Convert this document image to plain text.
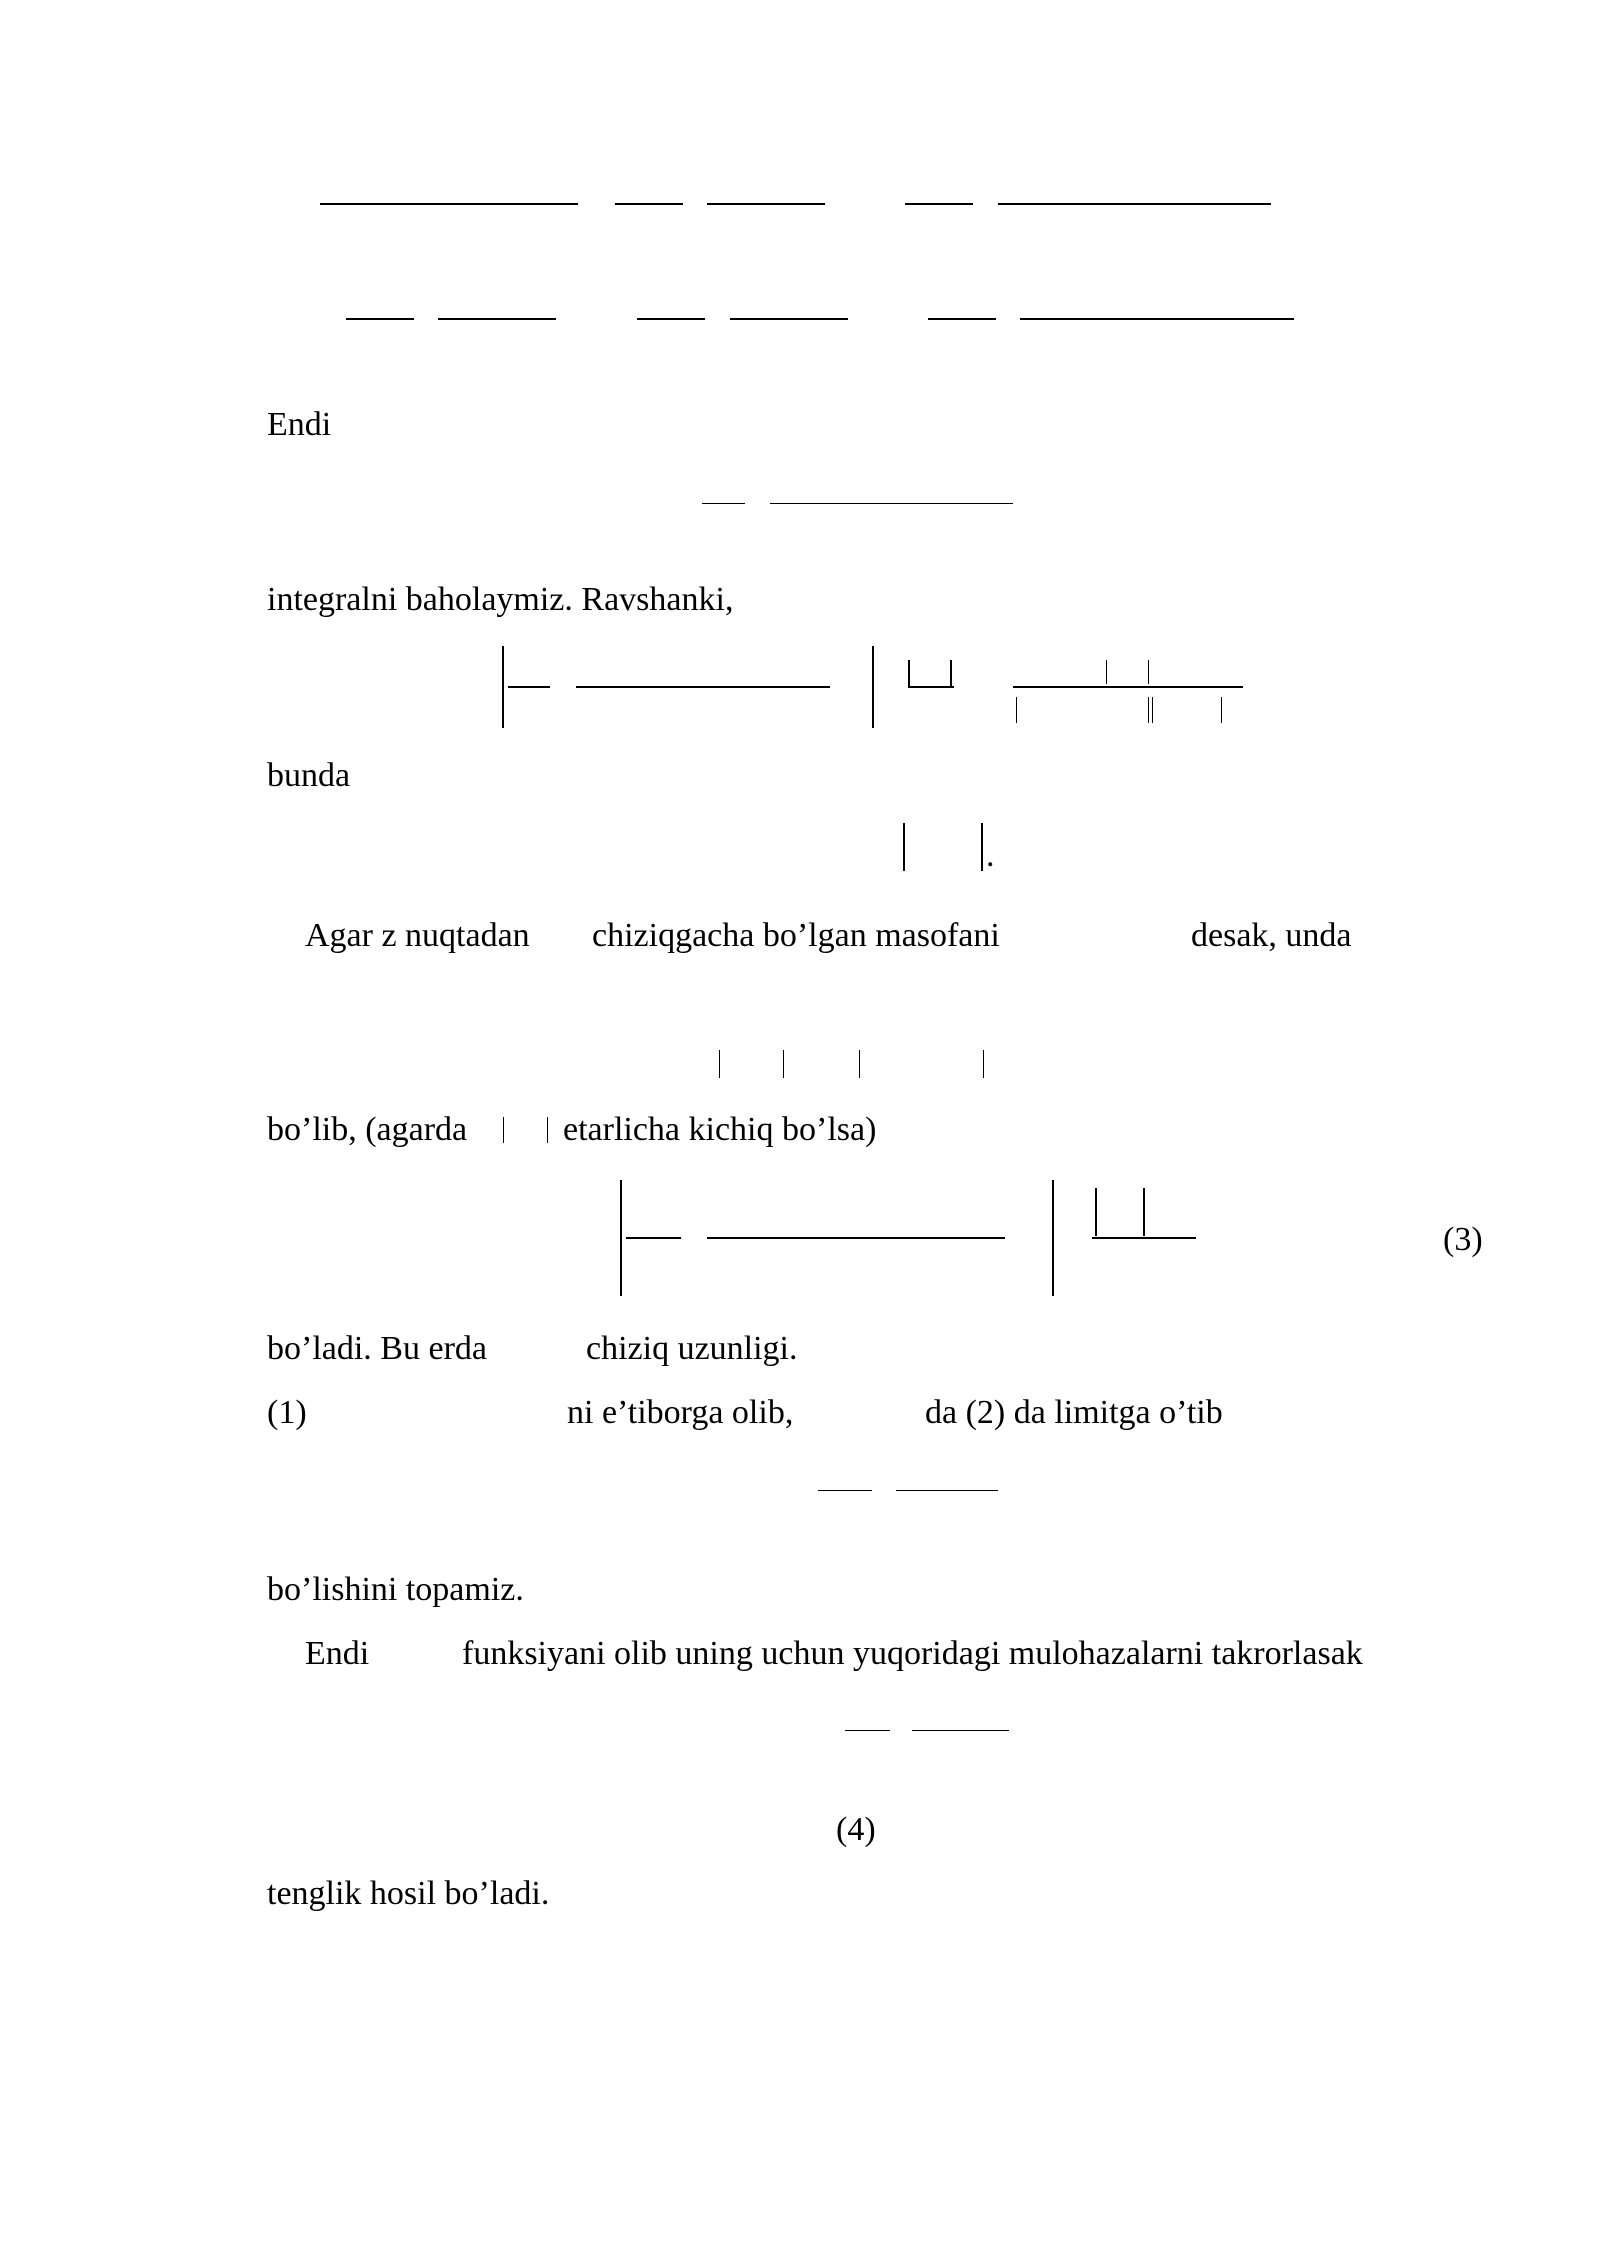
Endi
integralni baholaymiz. Ravshanki,
bunda
.
Agar z nuqtadan chiziqgacha bo’lgan masofani	desak, unda
bo’lib, (agarda	etarlicha kichiq bo’lsa)
(3)
bo’ladi. Bu erda	chiziq uzunligi.
(1)	ni e’tiborga olib,	da (2) da limitga o’tib
bo’lishini topamiz.
Endi	funksiyani olib uning uchun yuqoridagi mulohazalarni takrorlasak
(4)
tenglik hosil bo’ladi.
